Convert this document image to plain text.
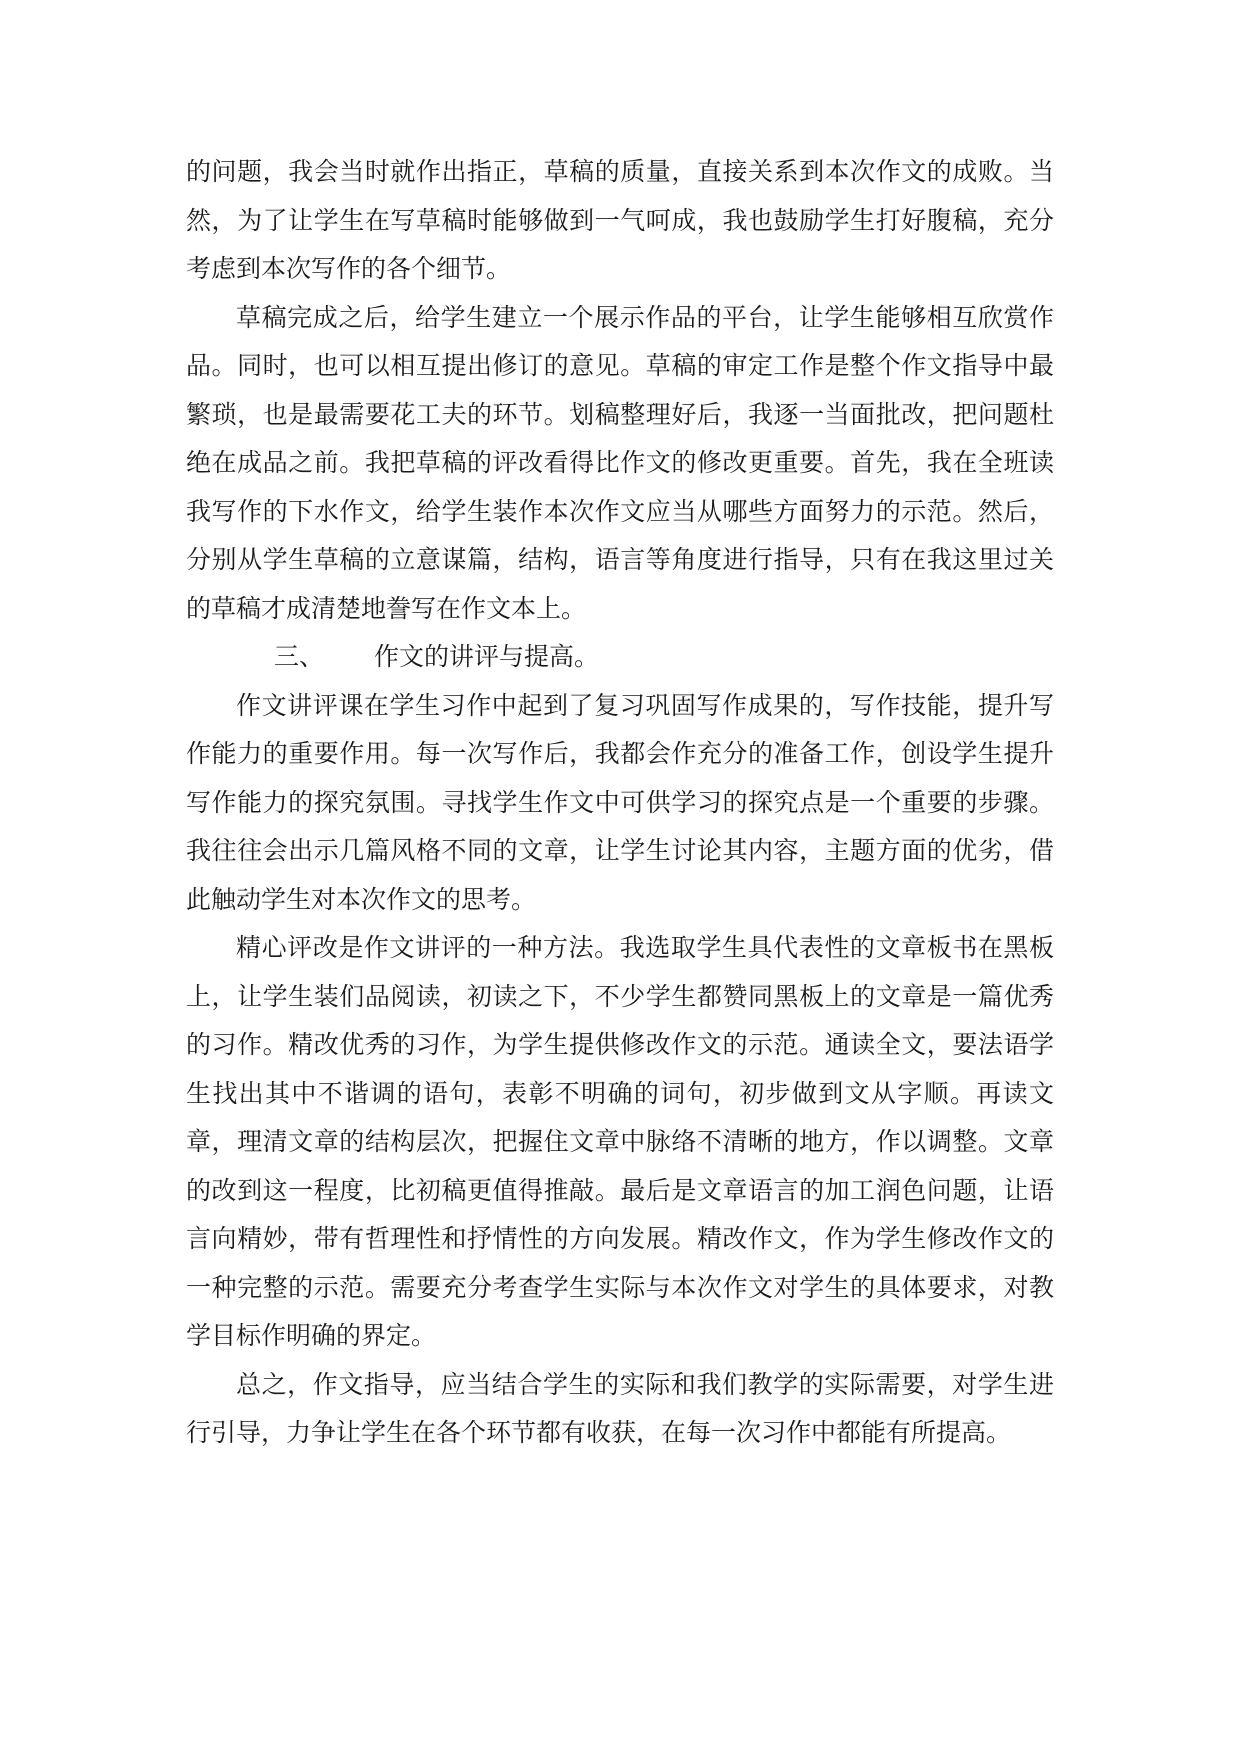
的问题，我会当时就作出指正，草稿的质量，直接关系到本次作文的成败。当然，为了让学生在写草稿时能够做到一气呵成，我也鼓励学生打好腹稿，充分考虑到本次写作的各个细节。

草稿完成之后，给学生建立一个展示作品的平台，让学生能够相互欣赏作品。同时，也可以相互提出修订的意见。草稿的审定工作是整个作文指导中最繁琐，也是最需要花工夫的环节。划稿整理好后，我逐一当面批改，把问题杜绝在成品之前。我把草稿的评改看得比作文的修改更重要。首先，我在全班读我写作的下水作文，给学生装作本次作文应当从哪些方面努力的示范。然后，分别从学生草稿的立意谋篇，结构，语言等角度进行指导，只有在我这里过关的草稿才成清楚地誊写在作文本上。

三、 作文的讲评与提高。

作文讲评课在学生习作中起到了复习巩固写作成果的，写作技能，提升写作能力的重要作用。每一次写作后，我都会作充分的准备工作，创设学生提升写作能力的探究氛围。寻找学生作文中可供学习的探究点是一个重要的步骤。我往往会出示几篇风格不同的文章，让学生讨论其内容，主题方面的优劣，借此触动学生对本次作文的思考。

精心评改是作文讲评的一种方法。我选取学生具代表性的文章板书在黑板上，让学生装们品阅读，初读之下，不少学生都赞同黑板上的文章是一篇优秀的习作。精改优秀的习作，为学生提供修改作文的示范。通读全文，要法语学生找出其中不谐调的语句，表彰不明确的词句，初步做到文从字顺。再读文章，理清文章的结构层次，把握住文章中脉络不清晰的地方，作以调整。文章的改到这一程度，比初稿更值得推敲。最后是文章语言的加工润色问题，让语言向精妙，带有哲理性和抒情性的方向发展。精改作文，作为学生修改作文的一种完整的示范。需要充分考查学生实际与本次作文对学生的具体要求，对教学目标作明确的界定。

总之，作文指导，应当结合学生的实际和我们教学的实际需要，对学生进行引导，力争让学生在各个环节都有收获，在每一次习作中都能有所提高。
